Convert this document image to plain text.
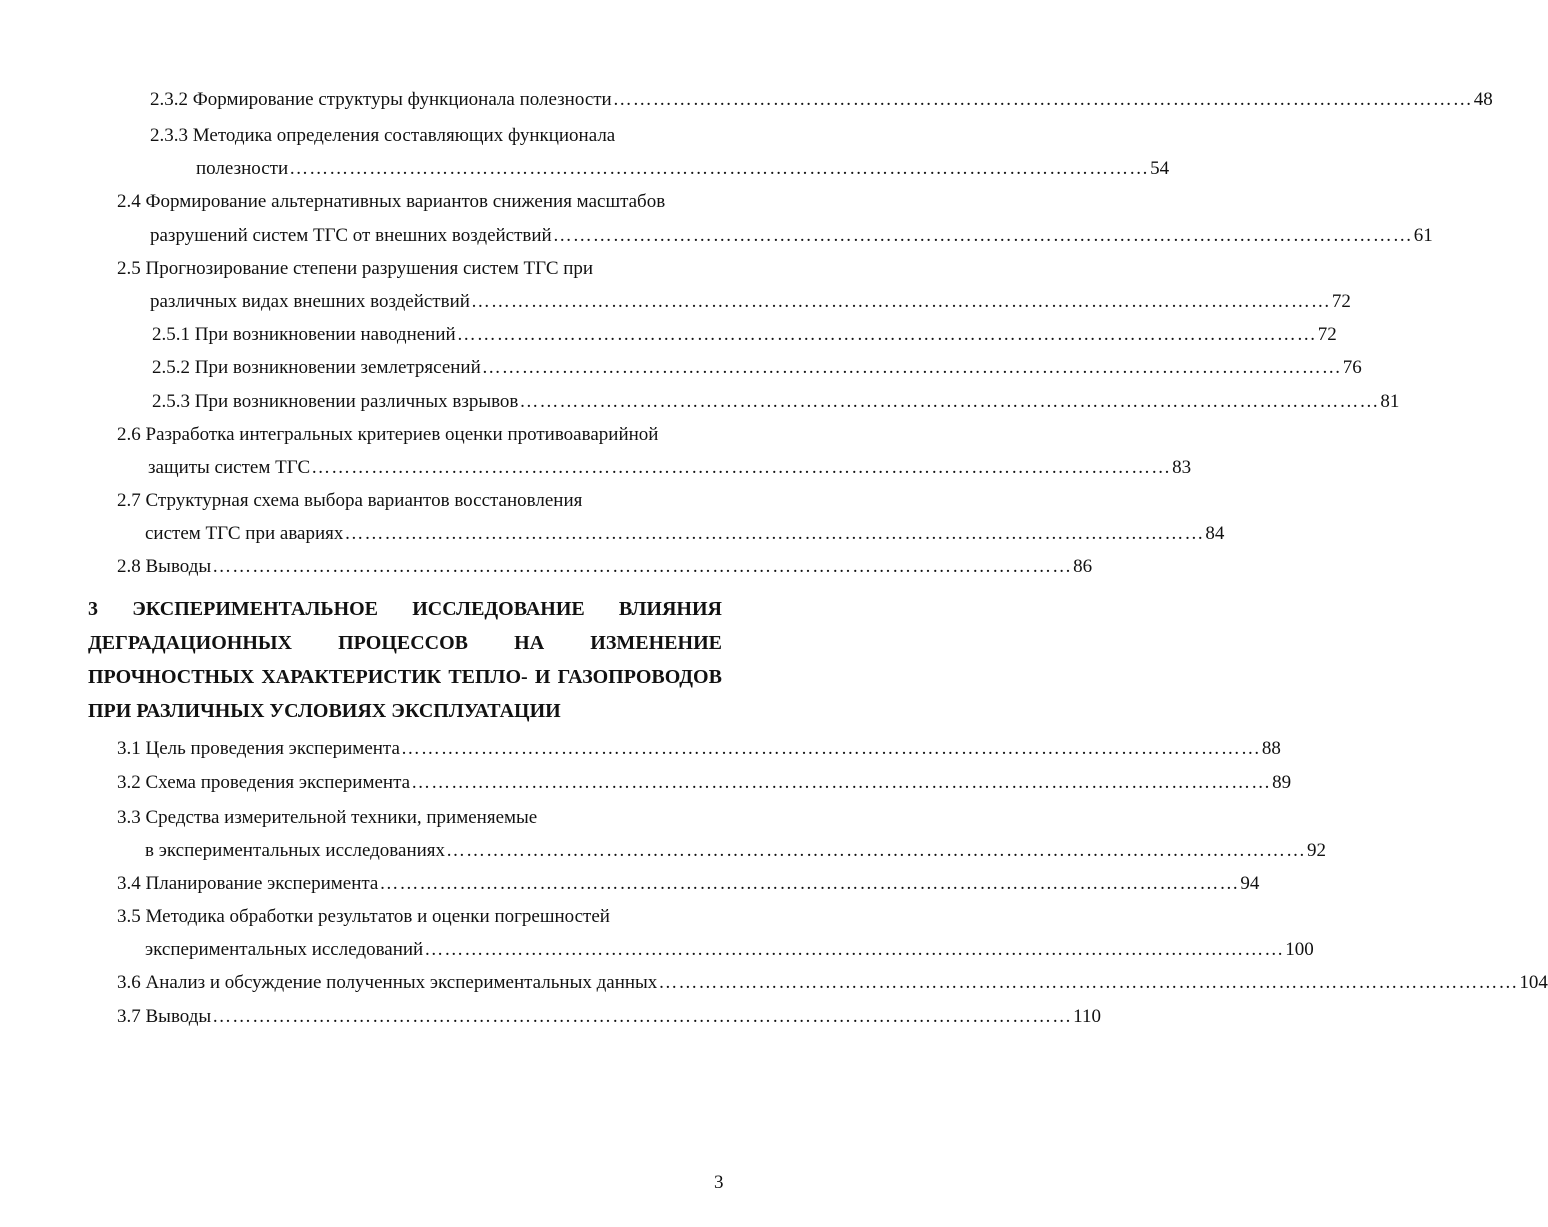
2.3.2 Формирование структуры функционала полезности ………………………………………………………………………………………………………………… 48
2.3.3 Методика определения составляющих функционала
полезности ………………………………………………………………………………………………………………… 54
2.4 Формирование альтернативных вариантов снижения масштабов
разрушений систем ТГС от внешних воздействий ………………………………………………………………………………………………………………… 61
2.5 Прогнозирование степени разрушения систем ТГС при
различных видах внешних воздействий ………………………………………………………………………………………………………………… 72
2.5.1 При возникновении наводнений ………………………………………………………………………………………………………………… 72
2.5.2 При возникновении землетрясений ………………………………………………………………………………………………………………… 76
2.5.3 При возникновении различных взрывов ………………………………………………………………………………………………………………… 81
2.6 Разработка интегральных критериев оценки противоаварийной
защиты систем ТГС ………………………………………………………………………………………………………………… 83
2.7 Структурная схема выбора вариантов восстановления
систем ТГС при авариях ………………………………………………………………………………………………………………… 84
2.8 Выводы ………………………………………………………………………………………………………………… 86
3 ЭКСПЕРИМЕНТАЛЬНОЕ ИССЛЕДОВАНИЕ ВЛИЯНИЯ
ДЕГРАДАЦИОННЫХ ПРОЦЕССОВ НА ИЗМЕНЕНИЕ
ПРОЧНОСТНЫХ ХАРАКТЕРИСТИК ТЕПЛО- И ГАЗОПРОВОДОВ
ПРИ РАЗЛИЧНЫХ УСЛОВИЯХ ЭКСПЛУАТАЦИИ
3.1 Цель проведения эксперимента ………………………………………………………………………………………………………………… 88
3.2 Схема проведения эксперимента ………………………………………………………………………………………………………………… 89
3.3 Средства измерительной техники, применяемые
в экспериментальных исследованиях ………………………………………………………………………………………………………………… 92
3.4 Планирование эксперимента ………………………………………………………………………………………………………………… 94
3.5 Методика обработки результатов и оценки погрешностей
экспериментальных исследований ………………………………………………………………………………………………………………… 100
3.6 Анализ и обсуждение полученных экспериментальных данных ………………………………………………………………………………………………………………… 104
3.7 Выводы ………………………………………………………………………………………………………………… 110
3
